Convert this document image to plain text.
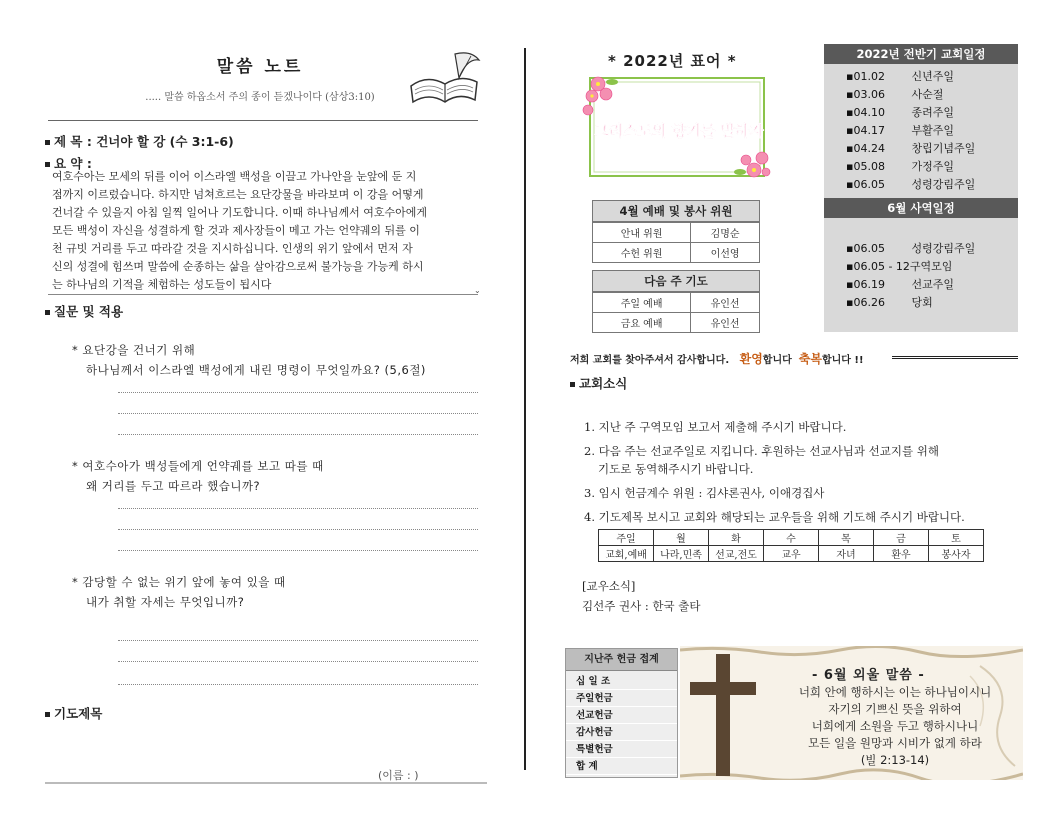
말씀 노트
..... 말씀 하옵소서 주의 종이 듣겠나이다 (삼상3:10)
제 목 : 건너야 할 강 (수 3:1-6)
요 약 :
여호수아는 모세의 뒤를 이어 이스라엘 백성을 이끌고 가나안을 눈앞에 둔 지
점까지 이르렀습니다. 하지만 넘쳐흐르는 요단강물을 바라보며 이 강을 어떻게
건너갈 수 있을지 아침 일찍 일어나 기도합니다. 이때 하나님께서 여호수아에게
모든 백성이 자신을 성결하게 할 것과 제사장들이 메고 가는 언약궤의 뒤를 이
천 규빗 거리를 두고 따라갈 것을 지시하십니다. 인생의 위기 앞에서 먼저 자
신의 성결에 힘쓰며 말씀에 순종하는 삶을 살아감으로써 불가능을 가능케 하시
는 하나님의 기적을 체험하는 성도들이 됩시다	⌄
질문 및 적용
* 요단강을 건너기 위해
하나님께서 이스라엘 백성에게 내린 명령이 무엇일까요? (5,6절)
* 여호수아가 백성들에게 언약궤를 보고 따를 때
왜 거리를 두고 따르라 했습니까?
* 감당할 수 없는 위기 앞에 놓여 있을 때
내가 취할 자세는 무엇입니까?
기도제목
(이름 : )
* 2022년 표어 *
그리스도의 향기를 발하자
2022년 전반기 교회일정
▪01.02 신년주일
▪03.06 사순절
▪04.10 종려주일
▪04.17 부활주일
▪04.24 창립기념주일
▪05.08 가정주일
▪06.05 성령강림주일
6월 사역일정
▪06.05 성령강림주일
▪06.05 - 12구역모임
▪06.19 선교주일
▪06.26 당회
4월 예배 및 봉사 위원
안내 위원	김명순
수헌 위원	이선영
다음 주 기도
주일 예배	유인선
금요 예배	유인선
저희 교회를 찾아주셔서 감사합니다. 환영합니다 축복합니다 !!
교회소식
1. 지난 주 구역모임 보고서 제출해 주시기 바랍니다.
2. 다음 주는 선교주일로 지킵니다. 후원하는 선교사님과 선교지를 위해
기도로 동역해주시기 바랍니다.
3. 임시 헌금계수 위원 : 김샤론권사, 이애경집사
4. 기도제목 보시고 교회와 해당되는 교우들을 위해 기도해 주시기 바랍니다.
주일	월	화	수	목	금	토
교회,예배	나라,민족	선교,전도	교우	자녀	환우	봉사자
[교우소식]
김선주 권사 : 한국 출타
지난주 헌금 접계
십 일 조
주일헌금
선교헌금
감사헌금
특별헌금
합 계
- 6월 외울 말씀 -
너희 안에 행하시는 이는 하나님이시니
자기의 기쁘신 뜻을 위하여
너희에게 소원을 두고 행하시나니
모든 일을 원망과 시비가 없게 하라
(빌 2:13-14)
